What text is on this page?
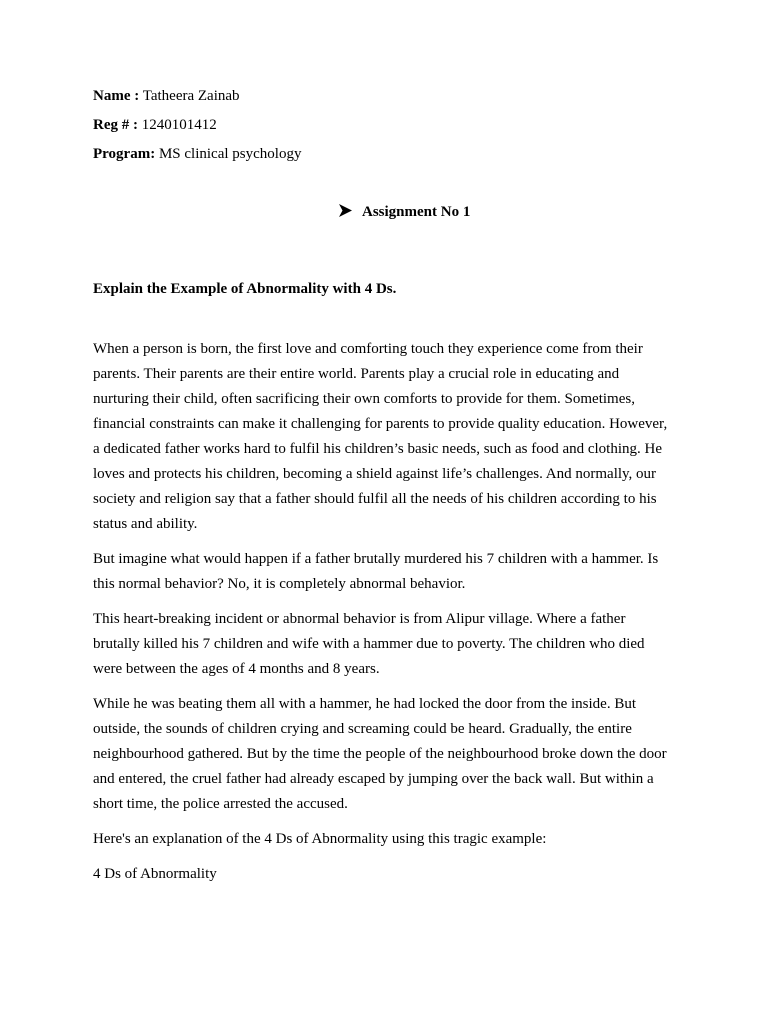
Name : Tatheera Zainab
Reg # : 1240101412
Program: MS clinical psychology
Assignment No 1
Explain the Example of Abnormality with 4 Ds.

When a person is born, the first love and comforting touch they experience come from their parents. Their parents are their entire world. Parents play a crucial role in educating and nurturing their child, often sacrificing their own comforts to provide for them. Sometimes, financial constraints can make it challenging for parents to provide quality education. However, a dedicated father works hard to fulfil his children’s basic needs, such as food and clothing. He loves and protects his children, becoming a shield against life’s challenges. And normally, our society and religion say that a father should fulfil all the needs of his children according to his status and ability.

But imagine what would happen if a father brutally murdered his 7 children with a hammer. Is this normal behavior? No, it is completely abnormal behavior.

This heart-breaking incident or abnormal behavior is from Alipur village. Where a father brutally killed his 7 children and wife with a hammer due to poverty. The children who died were between the ages of 4 months and 8 years.

While he was beating them all with a hammer, he had locked the door from the inside. But outside, the sounds of children crying and screaming could be heard. Gradually, the entire neighbourhood gathered. But by the time the people of the neighbourhood broke down the door and entered, the cruel father had already escaped by jumping over the back wall. But within a short time, the police arrested the accused.

Here's an explanation of the 4 Ds of Abnormality using this tragic example:

4 Ds of Abnormality
